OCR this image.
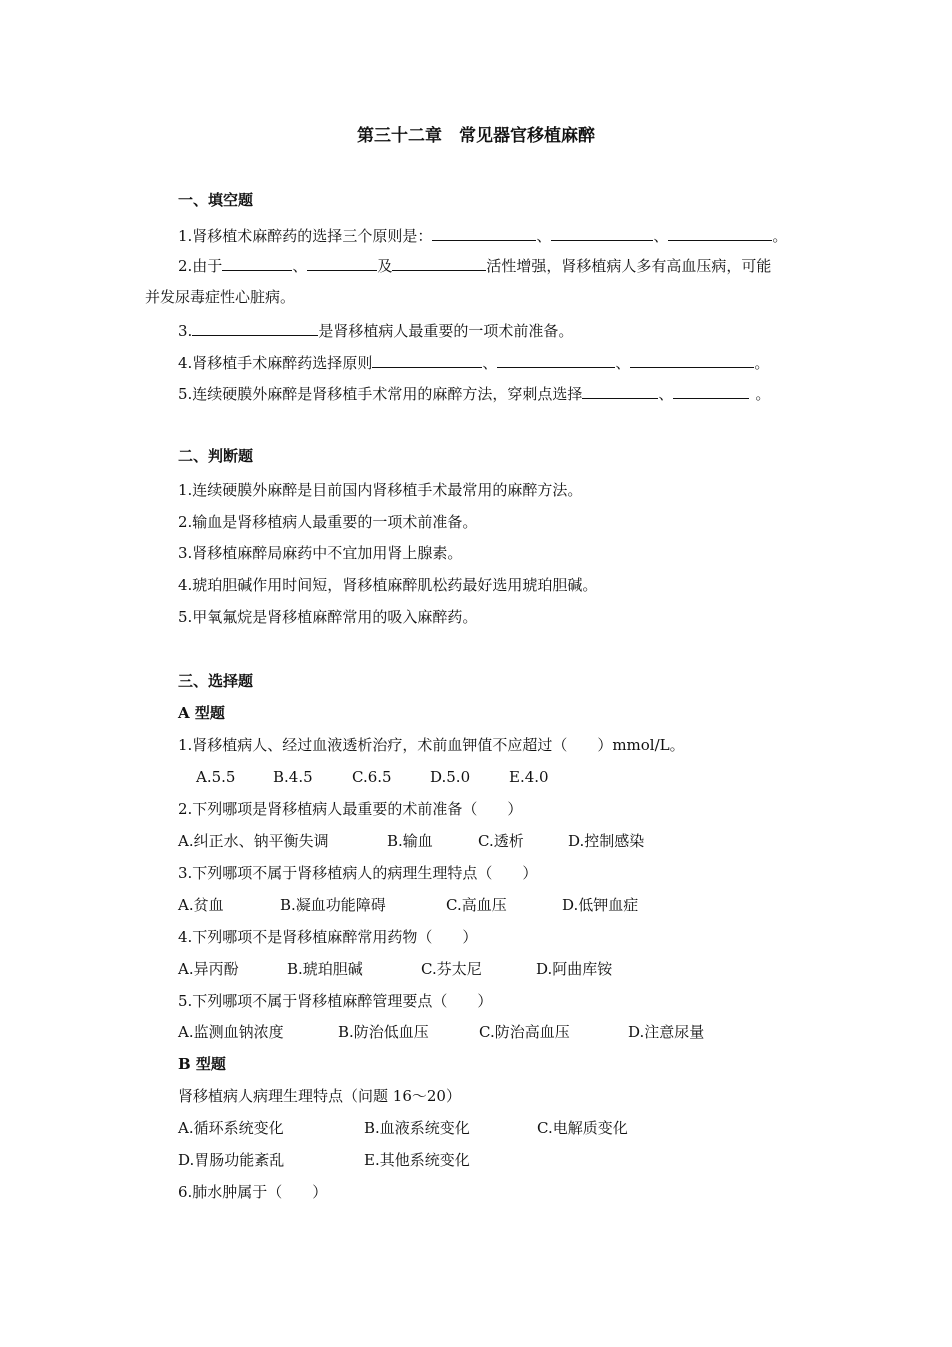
第三十二章　常见器官移植麻醉
一、填空题
1.肾移植术麻醉药的选择三个原则是：	、	、	。
2.由于	、	及	活性增强，肾移植病人多有高血压病，可能
并发尿毒症性心脏病。
3.	是肾移植病人最重要的一项术前准备。
4.肾移植手术麻醉药选择原则	、	、	。
5.连续硬膜外麻醉是肾移植手术常用的麻醉方法，穿刺点选择	、	。
二、判断题
1.连续硬膜外麻醉是目前国内肾移植手术最常用的麻醉方法。
2.输血是肾移植病人最重要的一项术前准备。
3.肾移植麻醉局麻药中不宜加用肾上腺素。
4.琥珀胆碱作用时间短，肾移植麻醉肌松药最好选用琥珀胆碱。
5.甲氧氟烷是肾移植麻醉常用的吸入麻醉药。
三、选择题
A 型题
1.肾移植病人、经过血液透析治疗，术前血钾值不应超过（　　）mmol/L。
A.5.5	B.4.5	C.6.5	D.5.0	E.4.0
2.下列哪项是肾移植病人最重要的术前准备（　　）
A.纠正水、钠平衡失调	B.输血	C.透析	D.控制感染
3.下列哪项不属于肾移植病人的病理生理特点（　　）
A.贫血	B.凝血功能障碍	C.高血压	D.低钾血症
4.下列哪项不是肾移植麻醉常用药物（　　）
A.异丙酚	B.琥珀胆碱	C.芬太尼	D.阿曲库铵
5.下列哪项不属于肾移植麻醉管理要点（　　）
A.监测血钠浓度	B.防治低血压	C.防治高血压	D.注意尿量
B 型题
肾移植病人病理生理特点（问题 16～20）
A.循环系统变化	B.血液系统变化	C.电解质变化
D.胃肠功能紊乱	E.其他系统变化
6.肺水肿属于（　　）
